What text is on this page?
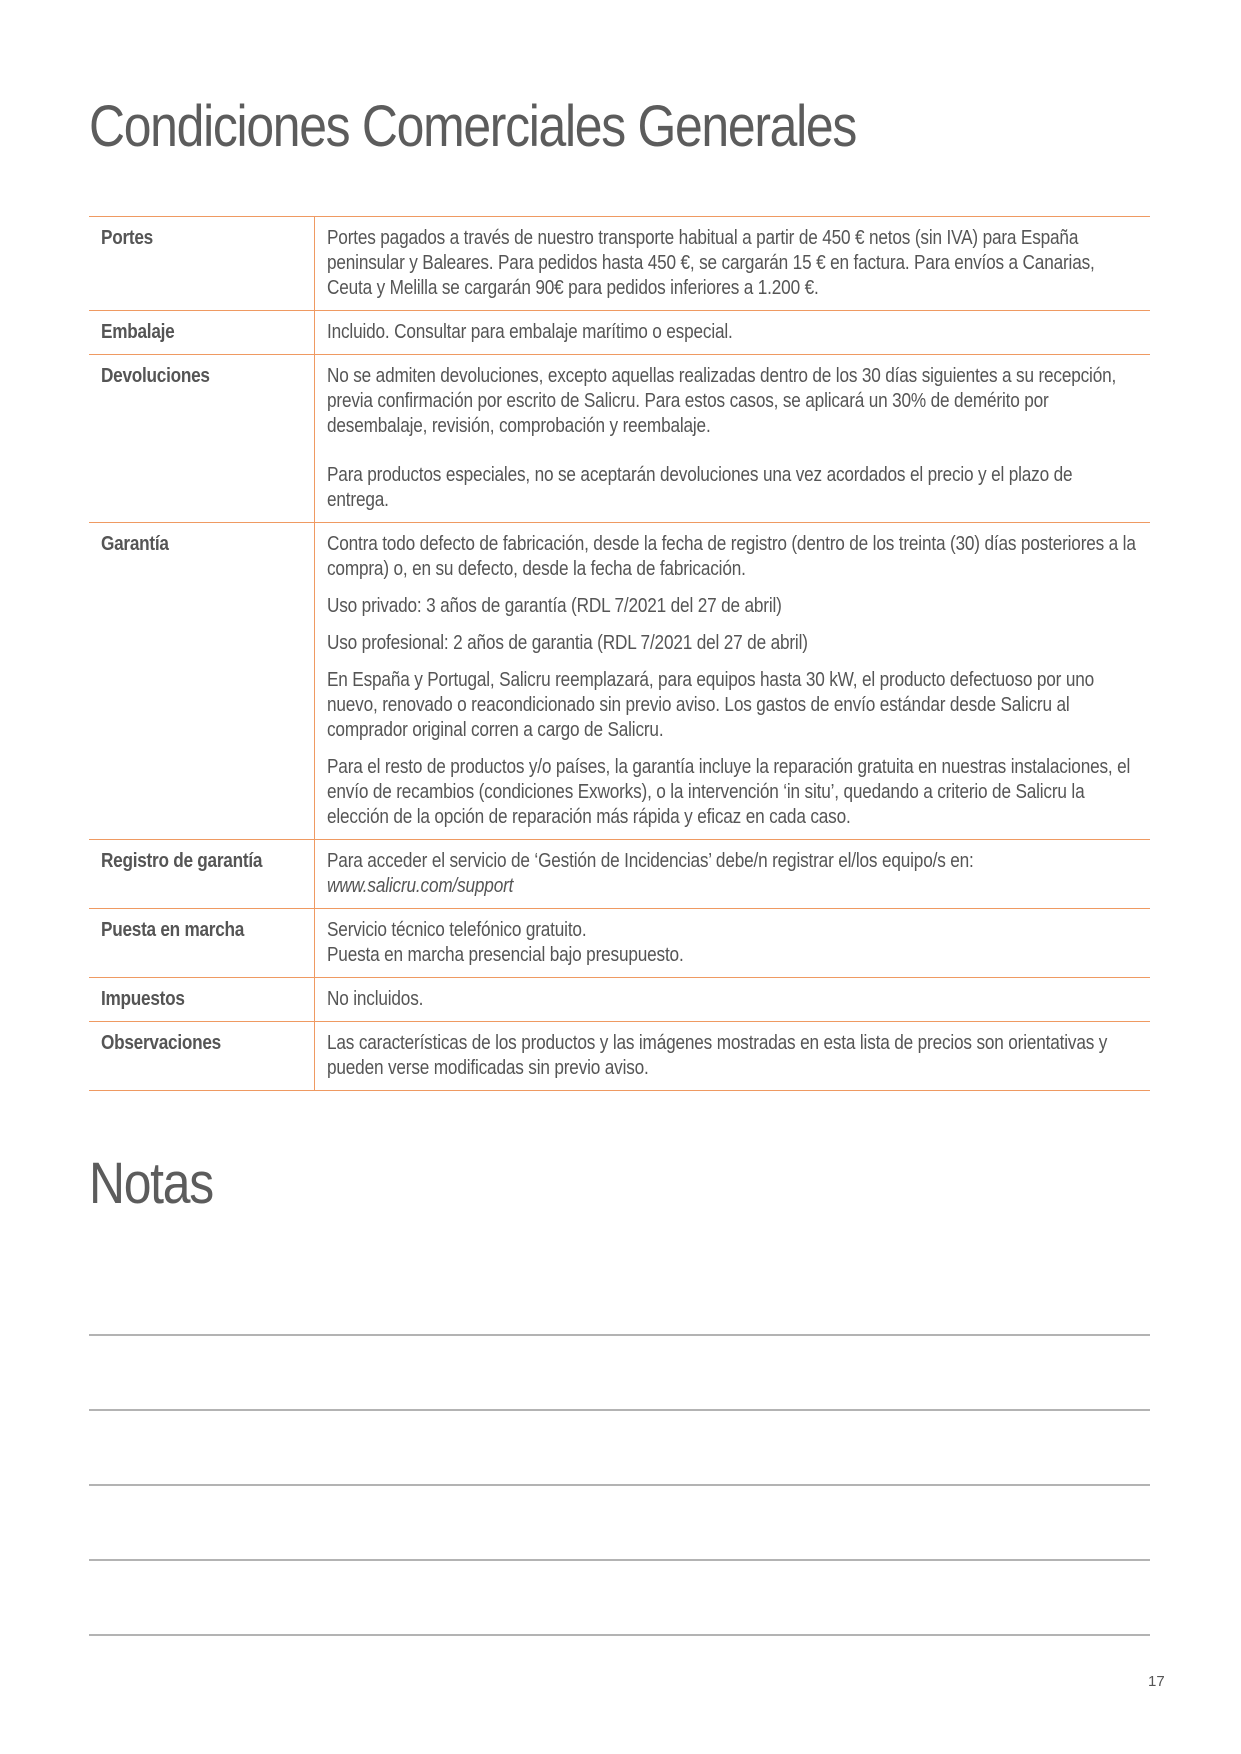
Condiciones Comerciales Generales
Portes	Portes pagados a través de nuestro transporte habitual a partir de 450 € netos (sin IVA) para España peninsular y Baleares. Para pedidos hasta 450 €, se cargarán 15 € en factura. Para envíos a Canarias, Ceuta y Melilla se cargarán 90€ para pedidos inferiores a 1.200 €.

Embalaje	Incluido. Consultar para embalaje marítimo o especial.

Devoluciones	No se admiten devoluciones, excepto aquellas realizadas dentro de los 30 días siguientes a su recepción, previa confirmación por escrito de Salicru. Para estos casos, se aplicará un 30% de demérito por desembalaje, revisión, comprobación y reembalaje.

Para productos especiales, no se aceptarán devoluciones una vez acordados el precio y el plazo de entrega.

Garantía	Contra todo defecto de fabricación, desde la fecha de registro (dentro de los treinta (30) días posteriores a la compra) o, en su defecto, desde la fecha de fabricación.

Uso privado: 3 años de garantía (RDL 7/2021 del 27 de abril)

Uso profesional: 2 años de garantia (RDL 7/2021 del 27 de abril)

En España y Portugal, Salicru reemplazará, para equipos hasta 30 kW, el producto defectuoso por uno nuevo, renovado o reacondicionado sin previo aviso. Los gastos de envío estándar desde Salicru al comprador original corren a cargo de Salicru.

Para el resto de productos y/o países, la garantía incluye la reparación gratuita en nuestras instalaciones, el envío de recambios (condiciones Exworks), o la intervención ‘in situ’, quedando a criterio de Salicru la elección de la opción de reparación más rápida y eficaz en cada caso.

Registro de garantía	Para acceder el servicio de ‘Gestión de Incidencias’ debe/n registrar el/los equipo/s en:
www.salicru.com/support

Puesta en marcha	Servicio técnico telefónico gratuito.
Puesta en marcha presencial bajo presupuesto.

Impuestos	No incluidos.

Observaciones	Las características de los productos y las imágenes mostradas en esta lista de precios son orientativas y pueden verse modificadas sin previo aviso.

Notas
17
